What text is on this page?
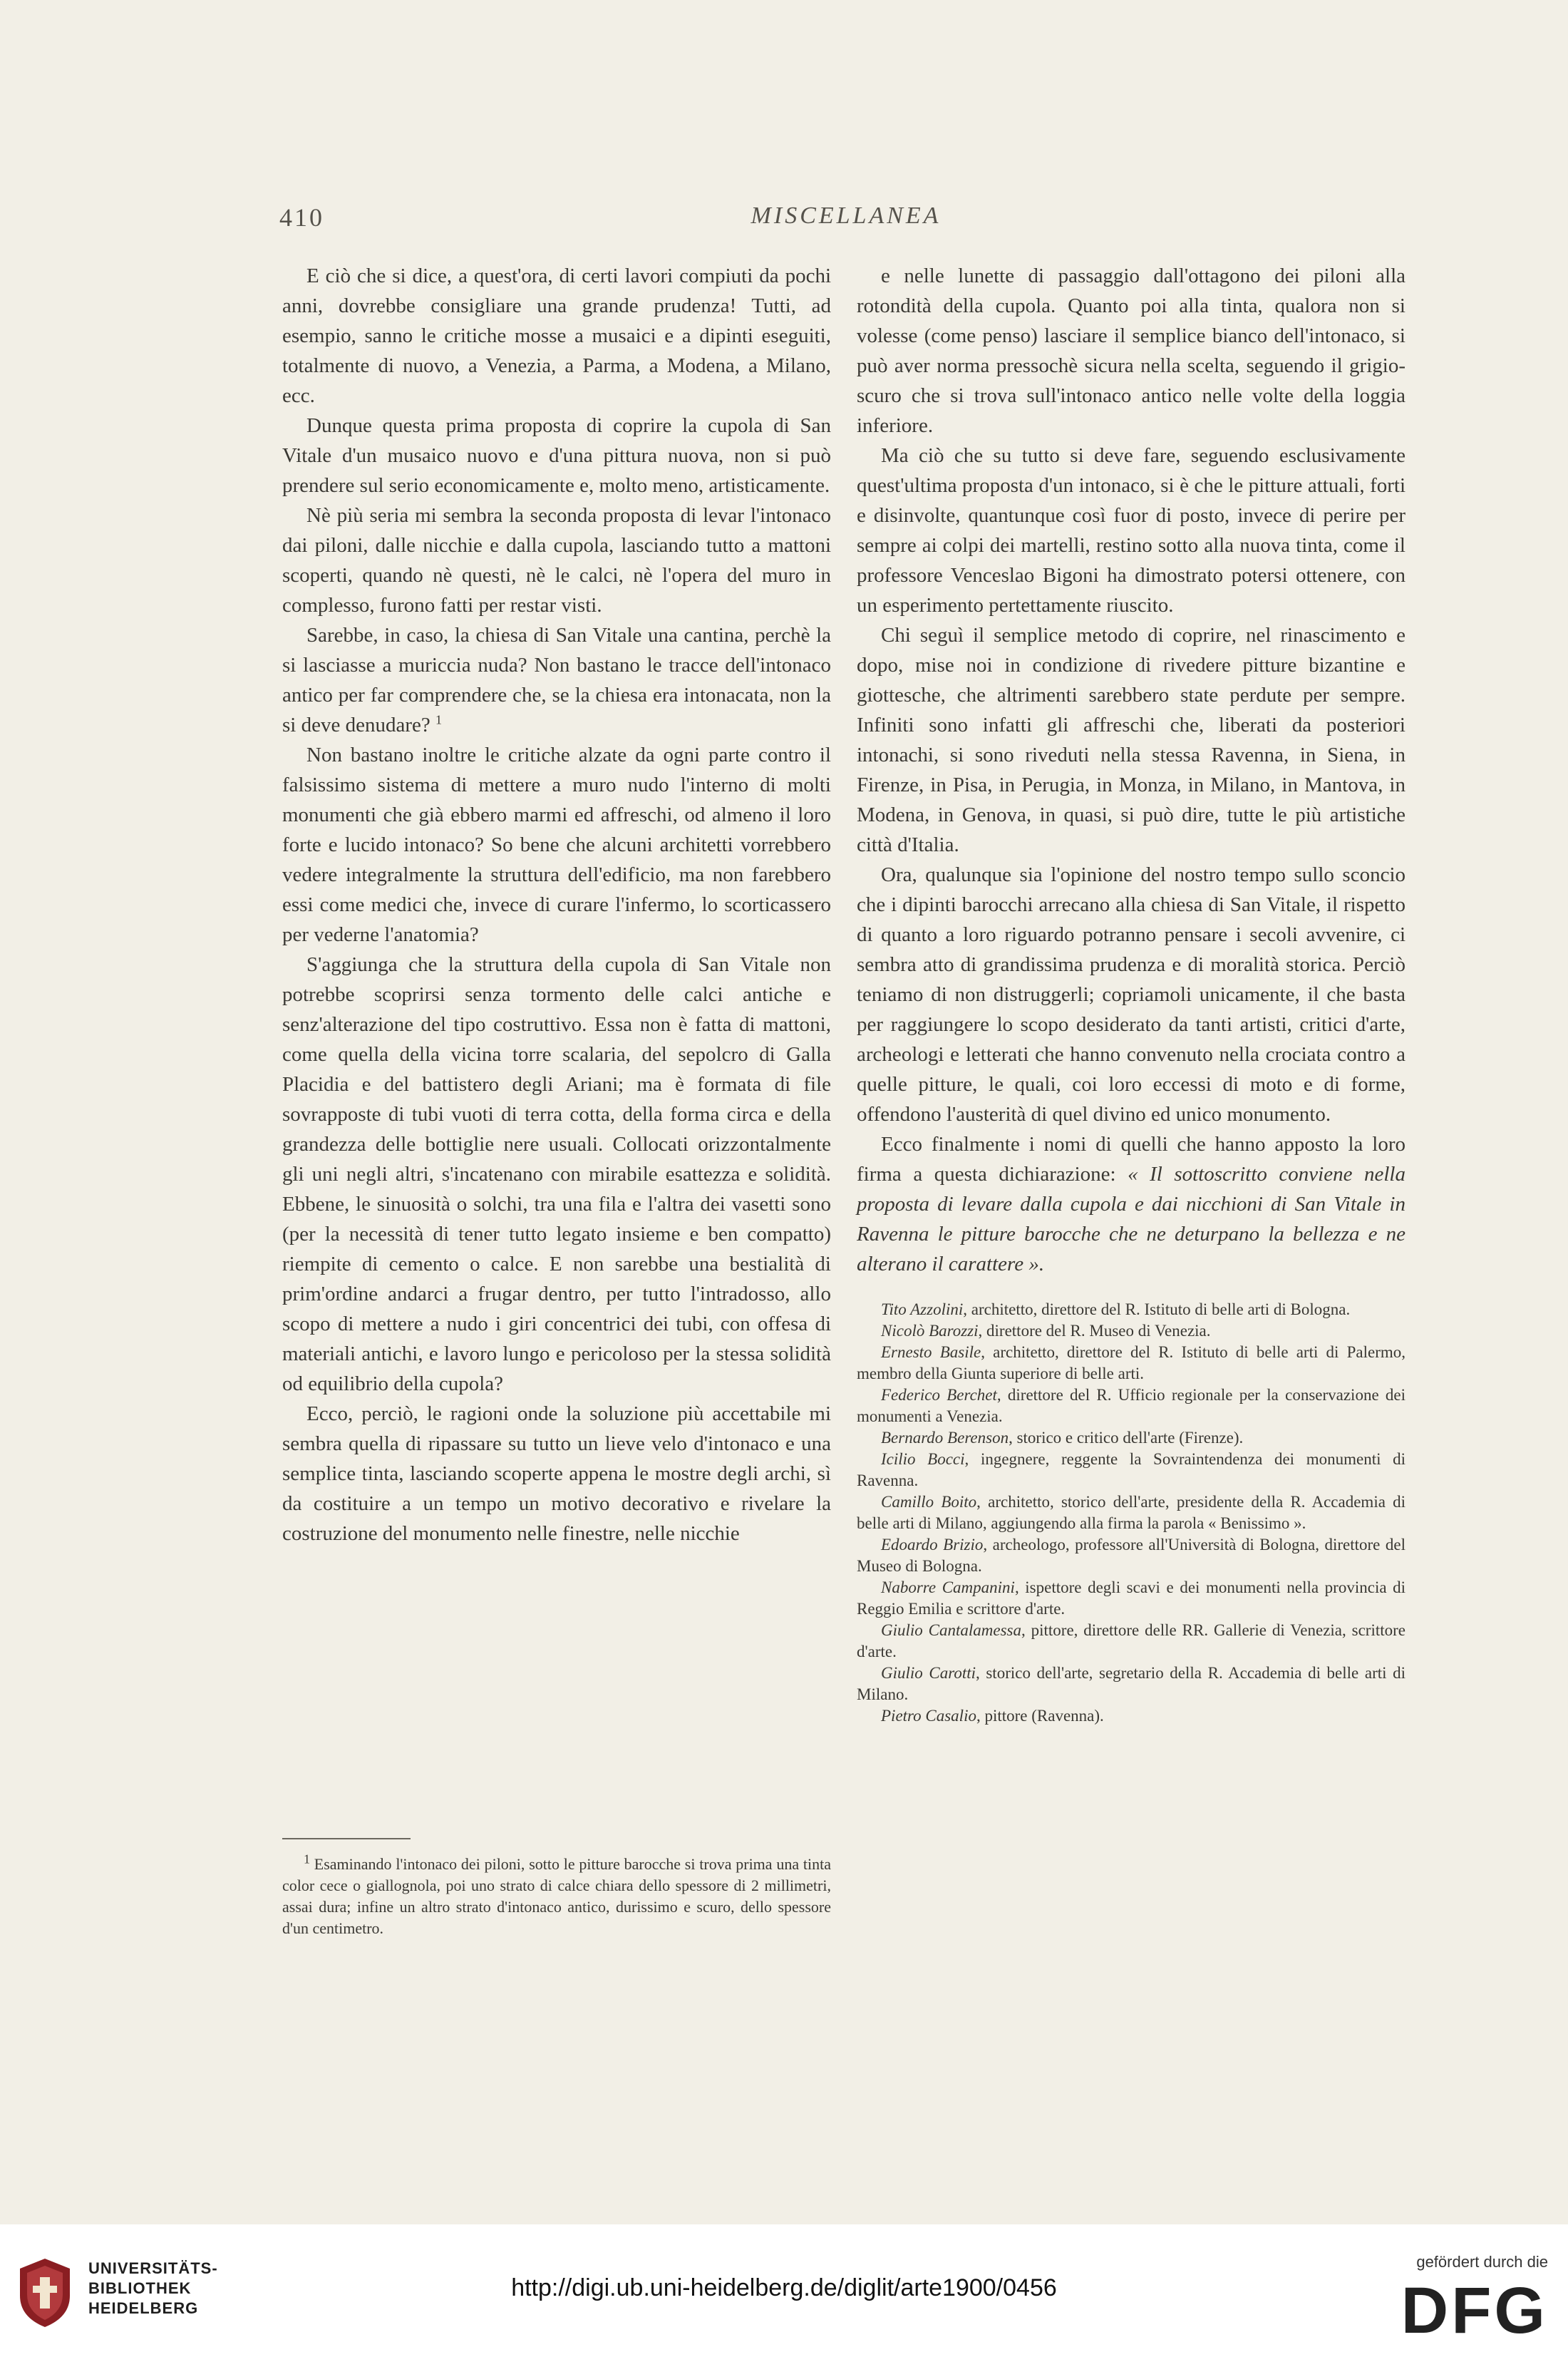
410	MISCELLANEA

E ciò che si dice, a quest'ora, di certi lavori compiuti da pochi anni, dovrebbe consigliare una grande prudenza! Tutti, ad esempio, sanno le critiche mosse a musaici e a dipinti eseguiti, totalmente di nuovo, a Venezia, a Parma, a Modena, a Milano, ecc.

Dunque questa prima proposta di coprire la cupola di San Vitale d'un musaico nuovo e d'una pittura nuova, non si può prendere sul serio economicamente e, molto meno, artisticamente.

Nè più seria mi sembra la seconda proposta di levar l'intonaco dai piloni, dalle nicchie e dalla cupola, lasciando tutto a mattoni scoperti, quando nè questi, nè le calci, nè l'opera del muro in complesso, furono fatti per restar visti.

Sarebbe, in caso, la chiesa di San Vitale una cantina, perchè la si lasciasse a muriccia nuda? Non bastano le tracce dell'intonaco antico per far comprendere che, se la chiesa era intonacata, non la si deve denudare? $^1$

Non bastano inoltre le critiche alzate da ogni parte contro il falsissimo sistema di mettere a muro nudo l'interno di molti monumenti che già ebbero marmi ed affreschi, od almeno il loro forte e lucido intonaco? So bene che alcuni architetti vorrebbero vedere integralmente la struttura dell'edificio, ma non farebbero essi come medici che, invece di curare l'infermo, lo scorticassero per vederne l'anatomia?

S'aggiunga che la struttura della cupola di San Vitale non potrebbe scoprirsi senza tormento delle calci antiche e senz'alterazione del tipo costruttivo. Essa non è fatta di mattoni, come quella della vicina torre scalaria, del sepolcro di Galla Placidia e del battistero degli Ariani; ma è formata di file sovrapposte di tubi vuoti di terra cotta, della forma circa e della grandezza delle bottiglie nere usuali. Collocati orizzontalmente gli uni negli altri, s'incatenano con mirabile esattezza e solidità. Ebbene, le sinuosità o solchi, tra una fila e l'altra dei vasetti sono (per la necessità di tener tutto legato insieme e ben compatto) riempite di cemento o calce. E non sarebbe una bestialità di prim'ordine andarci a frugar dentro, per tutto l'intradosso, allo scopo di mettere a nudo i giri concentrici dei tubi, con offesa di materiali antichi, e lavoro lungo e pericoloso per la stessa solidità od equilibrio della cupola?

Ecco, perciò, le ragioni onde la soluzione più accettabile mi sembra quella di ripassare su tutto un lieve velo d'intonaco e una semplice tinta, lasciando scoperte appena le mostre degli archi, sì da costituire a un tempo un motivo decorativo e rivelare la costruzione del monumento nelle finestre, nelle nicchie

$^1$ Esaminando l'intonaco dei piloni, sotto le pitture barocche si trova prima una tinta color cece o giallognola, poi uno strato di calce chiara dello spessore di 2 millimetri, assai dura; infine un altro strato d'intonaco antico, durissimo e scuro, dello spessore d'un centimetro.

e nelle lunette di passaggio dall'ottagono dei piloni alla rotondità della cupola. Quanto poi alla tinta, qualora non si volesse (come penso) lasciare il semplice bianco dell'intonaco, si può aver norma pressochè sicura nella scelta, seguendo il grigio-scuro che si trova sull'intonaco antico nelle volte della loggia inferiore.

Ma ciò che su tutto si deve fare, seguendo esclusivamente quest'ultima proposta d'un intonaco, si è che le pitture attuali, forti e disinvolte, quantunque così fuor di posto, invece di perire per sempre ai colpi dei martelli, restino sotto alla nuova tinta, come il professore Venceslao Bigoni ha dimostrato potersi ottenere, con un esperimento pertettamente riuscito.

Chi seguì il semplice metodo di coprire, nel rinascimento e dopo, mise noi in condizione di rivedere pitture bizantine e giottesche, che altrimenti sarebbero state perdute per sempre. Infiniti sono infatti gli affreschi che, liberati da posteriori intonachi, si sono riveduti nella stessa Ravenna, in Siena, in Firenze, in Pisa, in Perugia, in Monza, in Milano, in Mantova, in Modena, in Genova, in quasi, si può dire, tutte le più artistiche città d'Italia.

Ora, qualunque sia l'opinione del nostro tempo sullo sconcio che i dipinti barocchi arrecano alla chiesa di San Vitale, il rispetto di quanto a loro riguardo potranno pensare i secoli avvenire, ci sembra atto di grandissima prudenza e di moralità storica. Perciò teniamo di non distruggerli; copriamoli unicamente, il che basta per raggiungere lo scopo desiderato da tanti artisti, critici d'arte, archeologi e letterati che hanno convenuto nella crociata contro a quelle pitture, le quali, coi loro eccessi di moto e di forme, offendono l'austerità di quel divino ed unico monumento.

Ecco finalmente i nomi di quelli che hanno apposto la loro firma a questa dichiarazione: « Il sottoscritto conviene nella proposta di levare dalla cupola e dai nicchioni di San Vitale in Ravenna le pitture barocche che ne deturpano la bellezza e ne alterano il carattere ».

Tito Azzolini, architetto, direttore del R. Istituto di belle arti di Bologna.

Nicolò Barozzi, direttore del R. Museo di Venezia.

Ernesto Basile, architetto, direttore del R. Istituto di belle arti di Palermo, membro della Giunta superiore di belle arti.

Federico Berchet, direttore del R. Ufficio regionale per la conservazione dei monumenti a Venezia.

Bernardo Berenson, storico e critico dell'arte (Firenze).

Icilio Bocci, ingegnere, reggente la Sovraintendenza dei monumenti di Ravenna.

Camillo Boito, architetto, storico dell'arte, presidente della R. Accademia di belle arti di Milano, aggiungendo alla firma la parola « Benissimo ».

Edoardo Brizio, archeologo, professore all'Università di Bologna, direttore del Museo di Bologna.

Naborre Campanini, ispettore degli scavi e dei monumenti nella provincia di Reggio Emilia e scrittore d'arte.

Giulio Cantalamessa, pittore, direttore delle RR. Gallerie di Venezia, scrittore d'arte.

Giulio Carotti, storico dell'arte, segretario della R. Accademia di belle arti di Milano.

Pietro Casalio, pittore (Ravenna).

UNIVERSITÄTS-
BIBLIOTHEK
HEIDELBERG
http://digi.ub.uni-heidelberg.de/diglit/arte1900/0456
gefördert durch die
DFG
